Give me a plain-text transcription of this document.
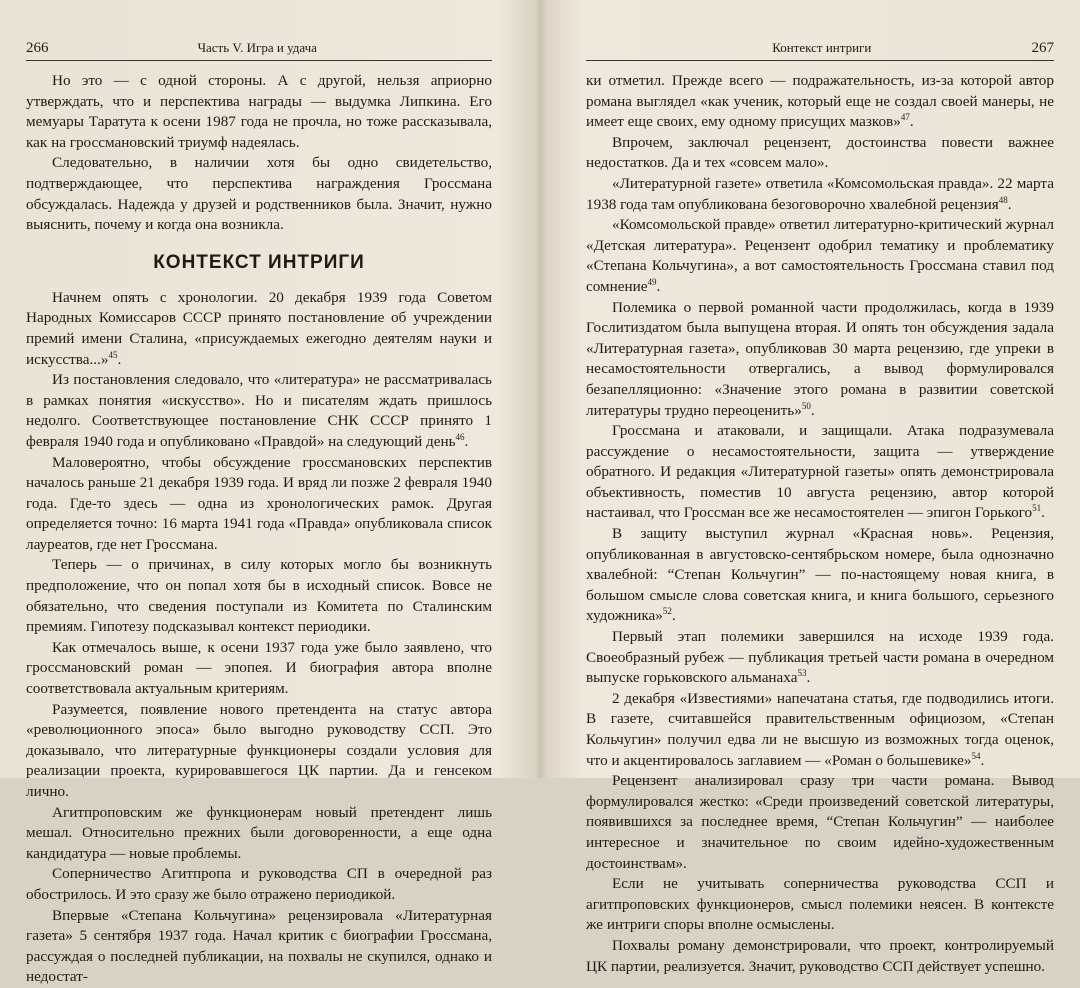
266	Часть V. Игра и удача

Но это — с одной стороны. А с другой, нельзя априорно утверждать, что и перспектива награды — выдумка Липкина. Его мемуары Таратута к осени 1987 года не прочла, но тоже рассказывала, как на гроссмановский триумф надеялась.

Следовательно, в наличии хотя бы одно свидетельство, подтверждающее, что перспектива награждения Гроссмана обсуждалась. Надежда у друзей и родственников была. Значит, нужно выяснить, почему и когда она возникла.

КОНТЕКСТ ИНТРИГИ

Начнем опять с хронологии. 20 декабря 1939 года Советом Народных Комиссаров СССР принято постановление об учреждении премий имени Сталина, «присуждаемых ежегодно деятелям науки и искусства...»$^{45}$.

Из постановления следовало, что «литература» не рассматривалась в рамках понятия «искусство». Но и писателям ждать пришлось недолго. Соответствующее постановление СНК СССР принято 1 февраля 1940 года и опубликовано «Правдой» на следующий день$^{46}$.

Маловероятно, чтобы обсуждение гроссмановских перспектив началось раньше 21 декабря 1939 года. И вряд ли позже 2 февраля 1940 года. Где-то здесь — одна из хронологических рамок. Другая определяется точно: 16 марта 1941 года «Правда» опубликовала список лауреатов, где нет Гроссмана.

Теперь — о причинах, в силу которых могло бы возникнуть предположение, что он попал хотя бы в исходный список. Вовсе не обязательно, что сведения поступали из Комитета по Сталинским премиям. Гипотезу подсказывал контекст периодики.

Как отмечалось выше, к осени 1937 года уже было заявлено, что гроссмановский роман — эпопея. И биография автора вполне соответствовала актуальным критериям.

Разумеется, появление нового претендента на статус автора «революционного эпоса» было выгодно руководству ССП. Это доказывало, что литературные функционеры создали условия для реализации проекта, курировавшегося ЦК партии. Да и генсеком лично.

Агитпроповским же функционерам новый претендент лишь мешал. Относительно прежних были договоренности, а еще одна кандидатура — новые проблемы.

Соперничество Агитпропа и руководства СП в очередной раз обострилось. И это сразу же было отражено периодикой.

Впервые «Степана Кольчугина» рецензировала «Литературная газета» 5 сентября 1937 года. Начал критик с биографии Гроссмана, рассуждая о последней публикации, на похвалы не скупился, однако и недостат-

Контекст интриги	267

ки отметил. Прежде всего — подражательность, из-за которой автор романа выглядел «как ученик, который еще не создал своей манеры, не имеет еще своих, ему одному присущих мазков»$^{47}$.

Впрочем, заключал рецензент, достоинства повести важнее недостатков. Да и тех «совсем мало».

«Литературной газете» ответила «Комсомольская правда». 22 марта 1938 года там опубликована безоговорочно хвалебной рецензия$^{48}$.

«Комсомольской правде» ответил литературно-критический журнал «Детская литература». Рецензент одобрил тематику и проблематику «Степана Кольчугина», а вот самостоятельность Гроссмана ставил под сомнение$^{49}$.

Полемика о первой романной части продолжилась, когда в 1939 Гослитиздатом была выпущена вторая. И опять тон обсуждения задала «Литературная газета», опубликовав 30 марта рецензию, где упреки в несамостоятельности отвергались, а вывод формулировался безапелляционно: «Значение этого романа в развитии советской литературы трудно переоценить»$^{50}$.

Гроссмана и атаковали, и защищали. Атака подразумевала рассуждение о несамостоятельности, защита — утверждение обратного. И редакция «Литературной газеты» опять демонстрировала объективность, поместив 10 августа рецензию, автор которой настаивал, что Гроссман все же несамостоятелен — эпигон Горького$^{51}$.

В защиту выступил журнал «Красная новь». Рецензия, опубликованная в августовско-сентябрьском номере, была однозначно хвалебной: “Степан Кольчугин” — по-настоящему новая книга, в большом смысле слова советская книга, и книга большого, серьезного художника»$^{52}$.

Первый этап полемики завершился на исходе 1939 года. Своеобразный рубеж — публикация третьей части романа в очередном выпуске горьковского альманаха$^{53}$.

2 декабря «Известиями» напечатана статья, где подводились итоги. В газете, считавшейся правительственным официозом, «Степан Кольчугин» получил едва ли не высшую из возможных тогда оценок, что и акцентировалось заглавием — «Роман о большевике»$^{54}$.

Рецензент анализировал сразу три части романа. Вывод формулировался жестко: «Среди произведений советской литературы, появившихся за последнее время, “Степан Кольчугин” — наиболее интересное и значительное по своим идейно-художественным достоинствам».

Если не учитывать соперничества руководства ССП и агитпроповских функционеров, смысл полемики неясен. В контексте же интриги споры вполне осмыслены.

Похвалы роману демонстрировали, что проект, контролируемый ЦК партии, реализуется. Значит, руководство ССП действует успешно.
